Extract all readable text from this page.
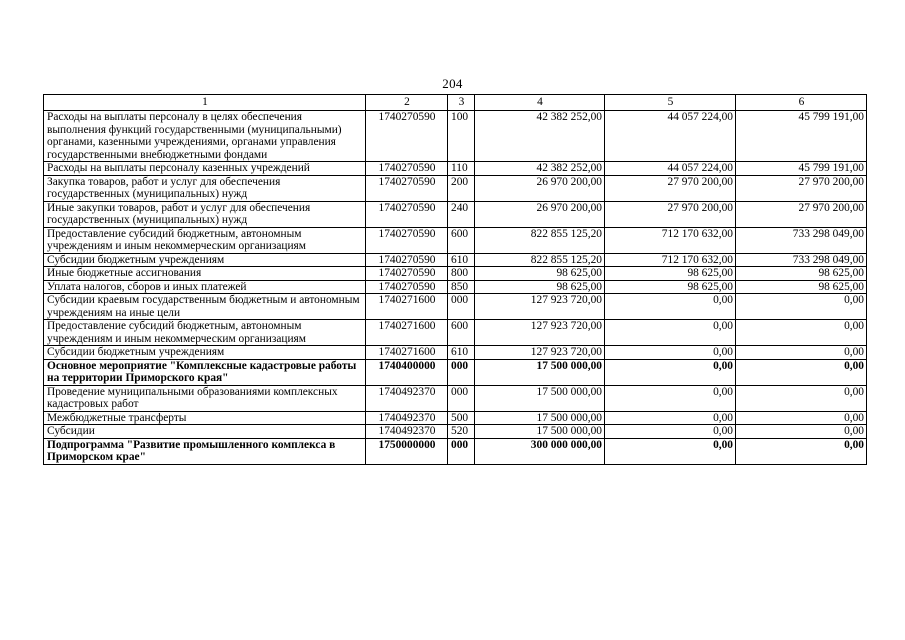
204
1	2	3	4	5	6
Расходы на выплаты персоналу в целях обеспечения выполнения функций государственными (муниципальными) органами, казенными учреждениями, органами управления государственными внебюджетными фондами	1740270590	100	42 382 252,00	44 057 224,00	45 799 191,00
Расходы на выплаты персоналу казенных учреждений	1740270590	110	42 382 252,00	44 057 224,00	45 799 191,00
Закупка товаров, работ и услуг для обеспечения государственных (муниципальных) нужд	1740270590	200	26 970 200,00	27 970 200,00	27 970 200,00
Иные закупки товаров, работ и услуг для обеспечения государственных (муниципальных) нужд	1740270590	240	26 970 200,00	27 970 200,00	27 970 200,00
Предоставление субсидий бюджетным, автономным учреждениям и иным некоммерческим организациям	1740270590	600	822 855 125,20	712 170 632,00	733 298 049,00
Субсидии бюджетным учреждениям	1740270590	610	822 855 125,20	712 170 632,00	733 298 049,00
Иные бюджетные ассигнования	1740270590	800	98 625,00	98 625,00	98 625,00
Уплата налогов, сборов и иных платежей	1740270590	850	98 625,00	98 625,00	98 625,00
Субсидии краевым государственным бюджетным и автономным учреждениям на иные цели	1740271600	000	127 923 720,00	0,00	0,00
Предоставление субсидий бюджетным, автономным учреждениям и иным некоммерческим организациям	1740271600	600	127 923 720,00	0,00	0,00
Субсидии бюджетным учреждениям	1740271600	610	127 923 720,00	0,00	0,00
Основное мероприятие "Комплексные кадастровые работы на территории Приморского края"	1740400000	000	17 500 000,00	0,00	0,00
Проведение муниципальными образованиями комплексных кадастровых работ	1740492370	000	17 500 000,00	0,00	0,00
Межбюджетные трансферты	1740492370	500	17 500 000,00	0,00	0,00
Субсидии	1740492370	520	17 500 000,00	0,00	0,00
Подпрограмма "Развитие промышленного комплекса в Приморском крае"	1750000000	000	300 000 000,00	0,00	0,00
